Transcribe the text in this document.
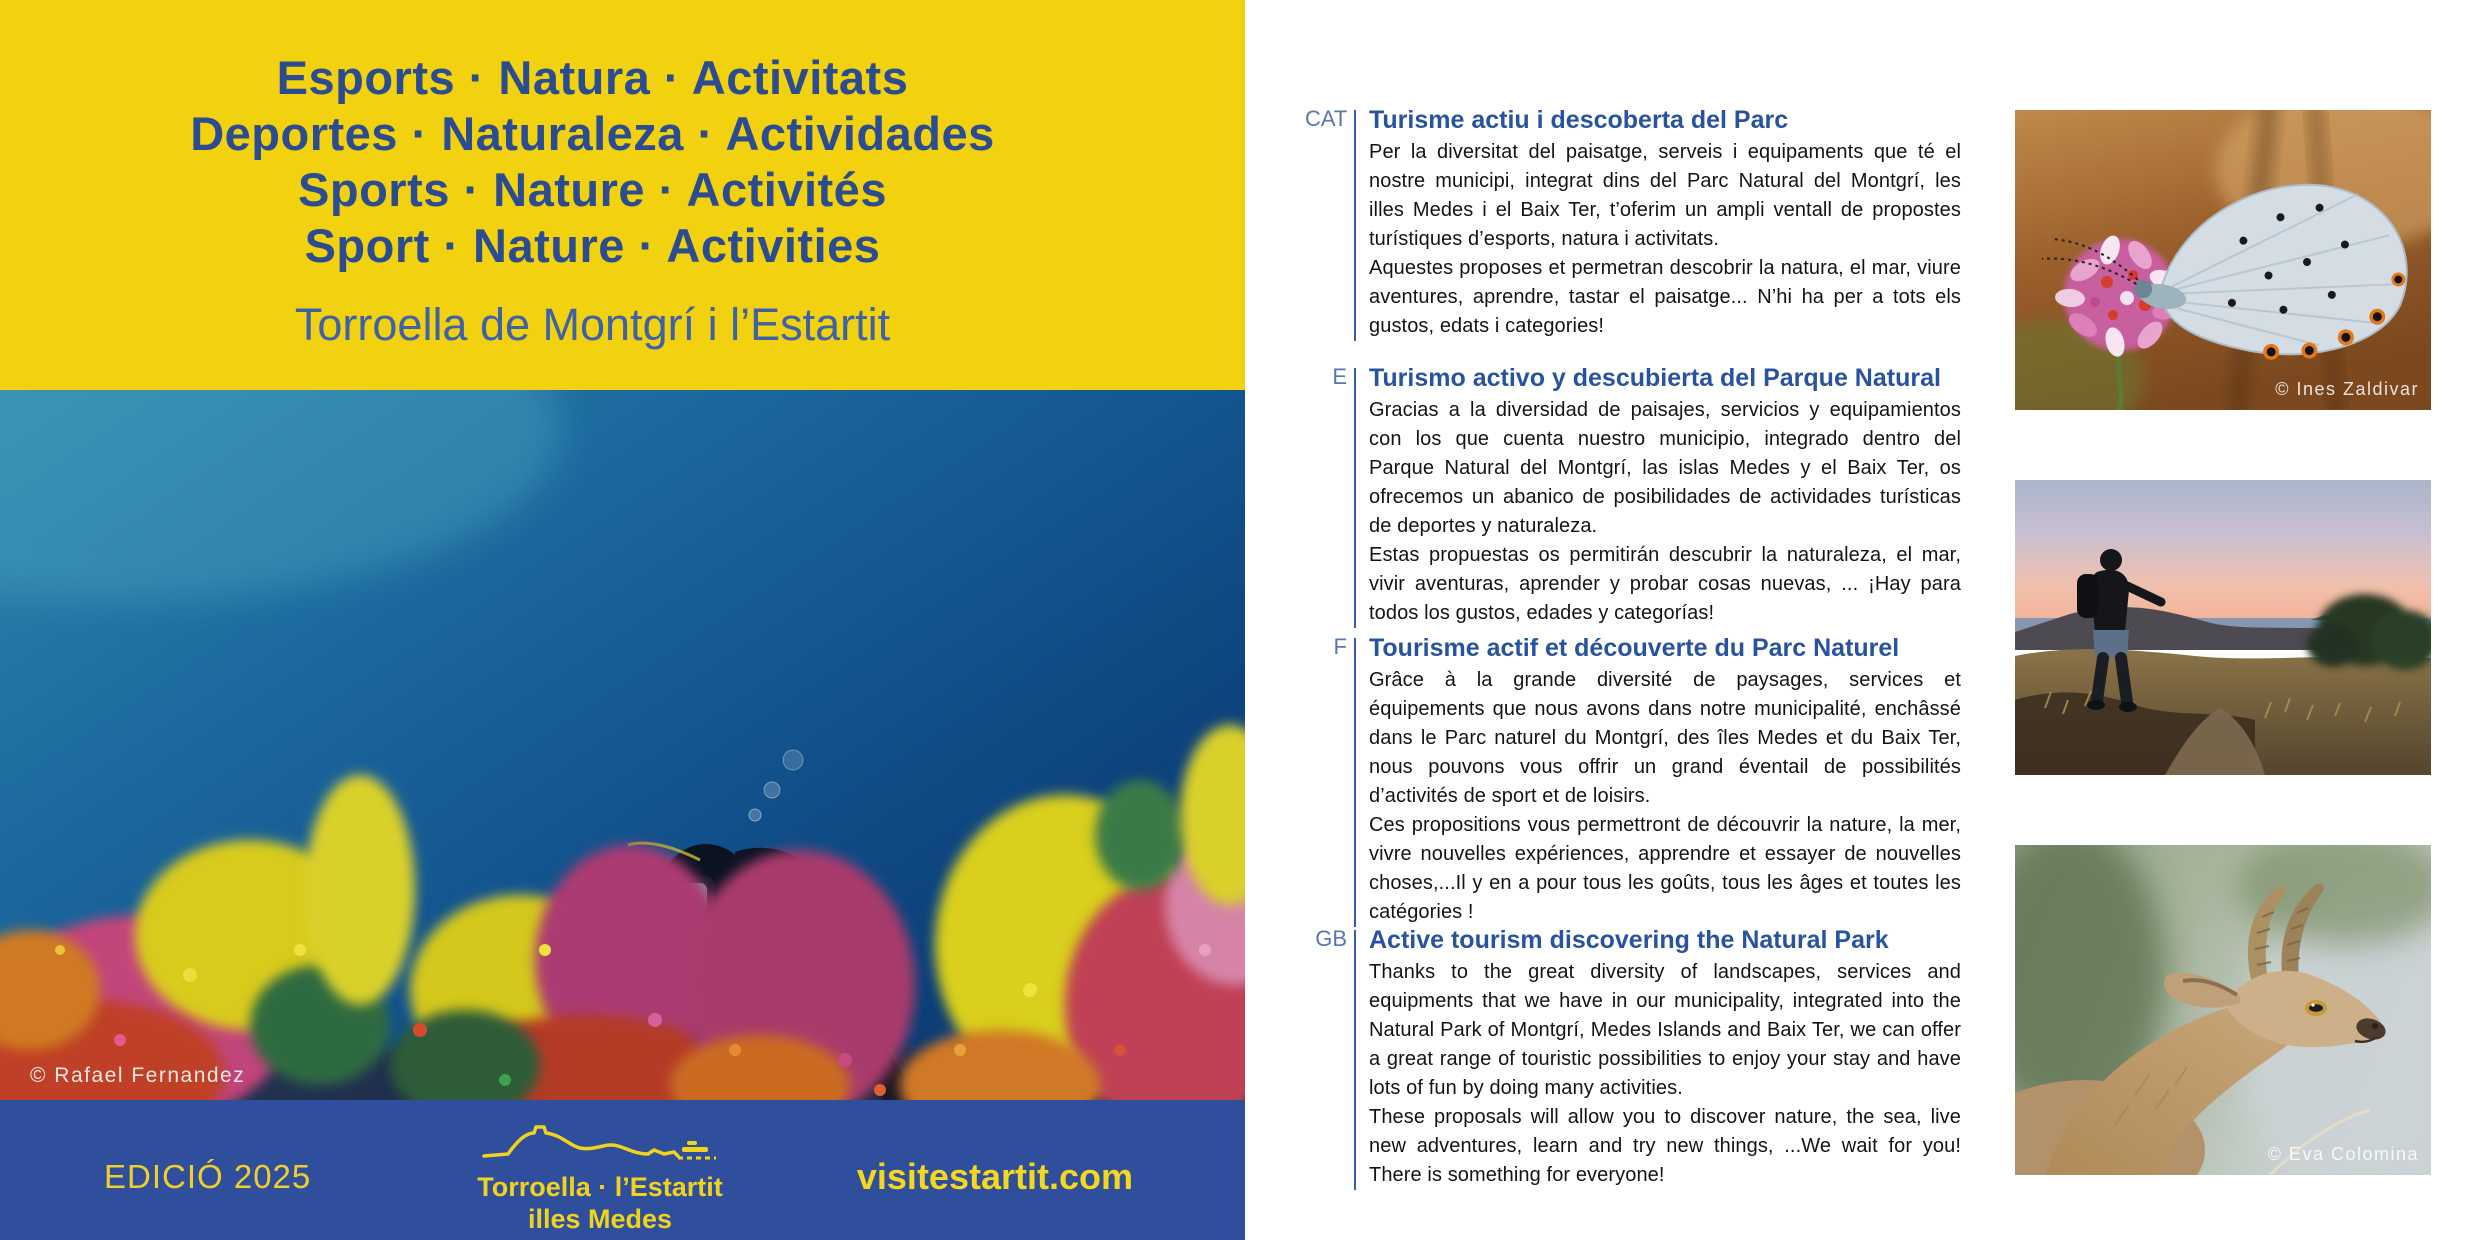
Esports · Natura · Activitats
Deportes · Naturaleza · Actividades
Sports · Nature · Activités
Sport · Nature · Activities
Torroella de Montgrí i l’Estartit
© Rafael Fernandez
EDICIÓ 2025	Torroella · l’Estartit
illes Medes
visitestartit.com
CAT Turisme actiu i descoberta del Parc

Per la diversitat del paisatge, serveis i equipaments que té el nostre municipi, integrat dins del Parc Natural del Montgrí, les illes Medes i el Baix Ter, t’oferim un ampli ventall de propostes turístiques d’esports, natura i activitats.

Aquestes proposes et permetran descobrir la natura, el mar, viure aventures, aprendre, tastar el paisatge... N’hi ha per a tots els gustos, edats i categories!

E Turismo activo y descubierta del Parque Natural

Gracias a la diversidad de paisajes, servicios y equipamientos con los que cuenta nuestro municipio, integrado dentro del Parque Natural del Montgrí, las islas Medes y el Baix Ter, os ofrecemos un abanico de posibilidades de actividades turísticas de deportes y naturaleza.

Estas propuestas os permitirán descubrir la naturaleza, el mar, vivir aventuras, aprender y probar cosas nuevas, ... ¡Hay para todos los gustos, edades y categorías!

F Tourisme actif et découverte du Parc Naturel

Grâce à la grande diversité de paysages, services et équipements que nous avons dans notre municipalité, enchâssé dans le Parc naturel du Montgrí, des îles Medes et du Baix Ter, nous pouvons vous offrir un grand éventail de possibilités d’activités de sport et de loisirs.

Ces propositions vous permettront de découvrir la nature, la mer, vivre nouvelles expériences, apprendre et essayer de nouvelles choses,...Il y en a pour tous les goûts, tous les âges et toutes les catégories !

GB Active tourism discovering the Natural Park

Thanks to the great diversity of landscapes, services and equipments that we have in our municipality, integrated into the Natural Park of Montgrí, Medes Islands and Baix Ter, we can offer a great range of touristic possibilities to enjoy your stay and have lots of fun by doing many activities.

These proposals will allow you to discover nature, the sea, live new adventures, learn and try new things, ...We wait for you! There is something for everyone!

© Ines Zaldivar
© Eva Colomina
